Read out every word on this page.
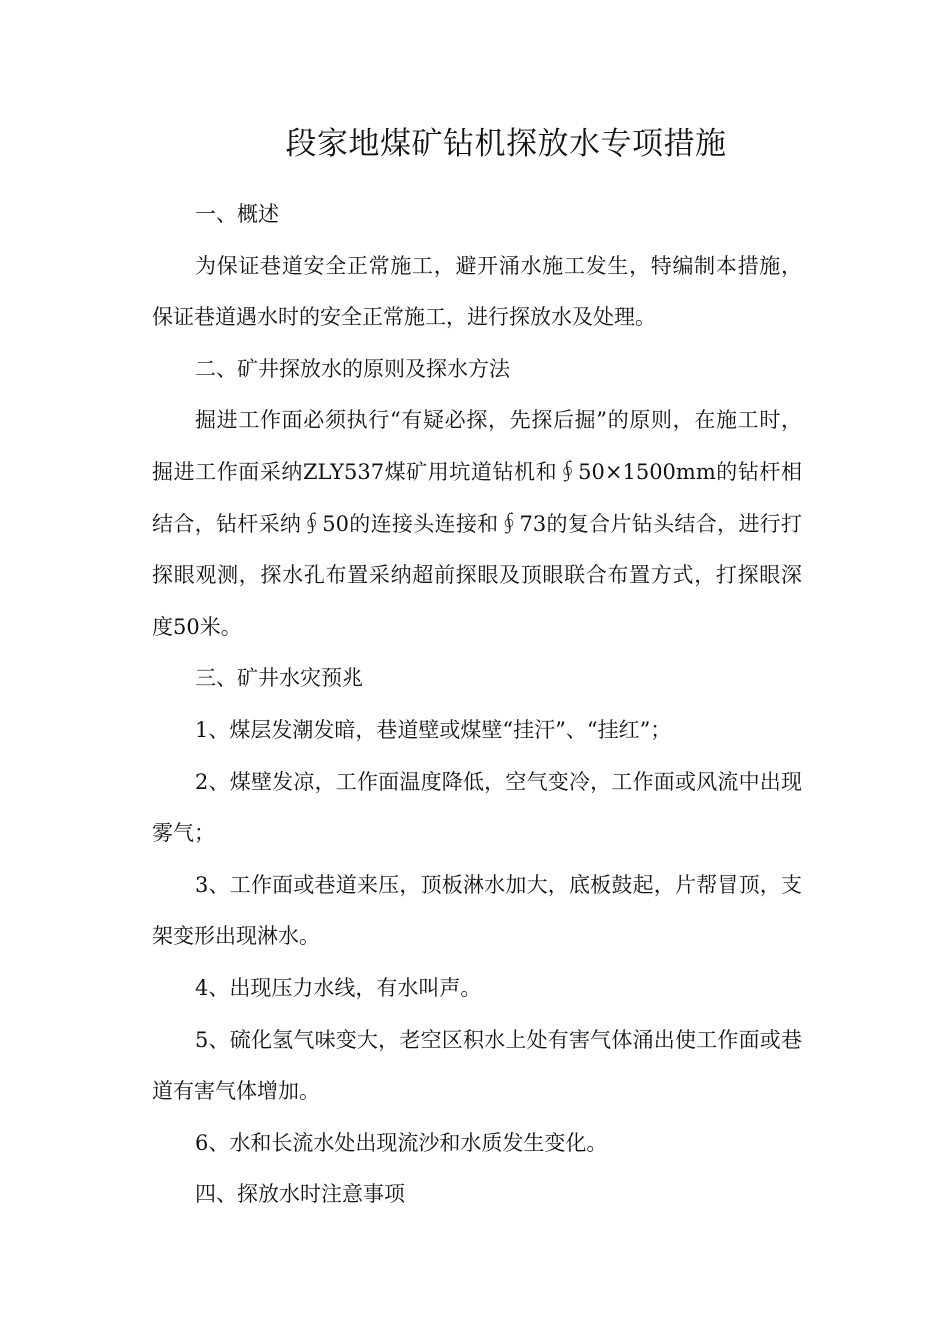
段家地煤矿钻机探放水专项措施

一、概述

为保证巷道安全正常施工，避开涌水施工发生，特编制本措施，保证巷道遇水时的安全正常施工，进行探放水及处理。

二、矿井探放水的原则及探水方法

掘进工作面必须执行“有疑必探，先探后掘”的原则，在施工时，掘进工作面采纳ZLY537煤矿用坑道钻机和∮50×1500mm的钻杆相结合，钻杆采纳∮50的连接头连接和∮73的复合片钻头结合，进行打探眼观测，探水孔布置采纳超前探眼及顶眼联合布置方式，打探眼深度50米。

三、矿井水灾预兆

1、煤层发潮发暗，巷道壁或煤壁“挂汗”、“挂红”；

2、煤壁发凉，工作面温度降低，空气变冷，工作面或风流中出现雾气；

3、工作面或巷道来压，顶板淋水加大，底板鼓起，片帮冒顶，支架变形出现淋水。

4、出现压力水线，有水叫声。

5、硫化氢气味变大，老空区积水上处有害气体涌出使工作面或巷道有害气体增加。

6、水和长流水处出现流沙和水质发生变化。

四、探放水时注意事项
